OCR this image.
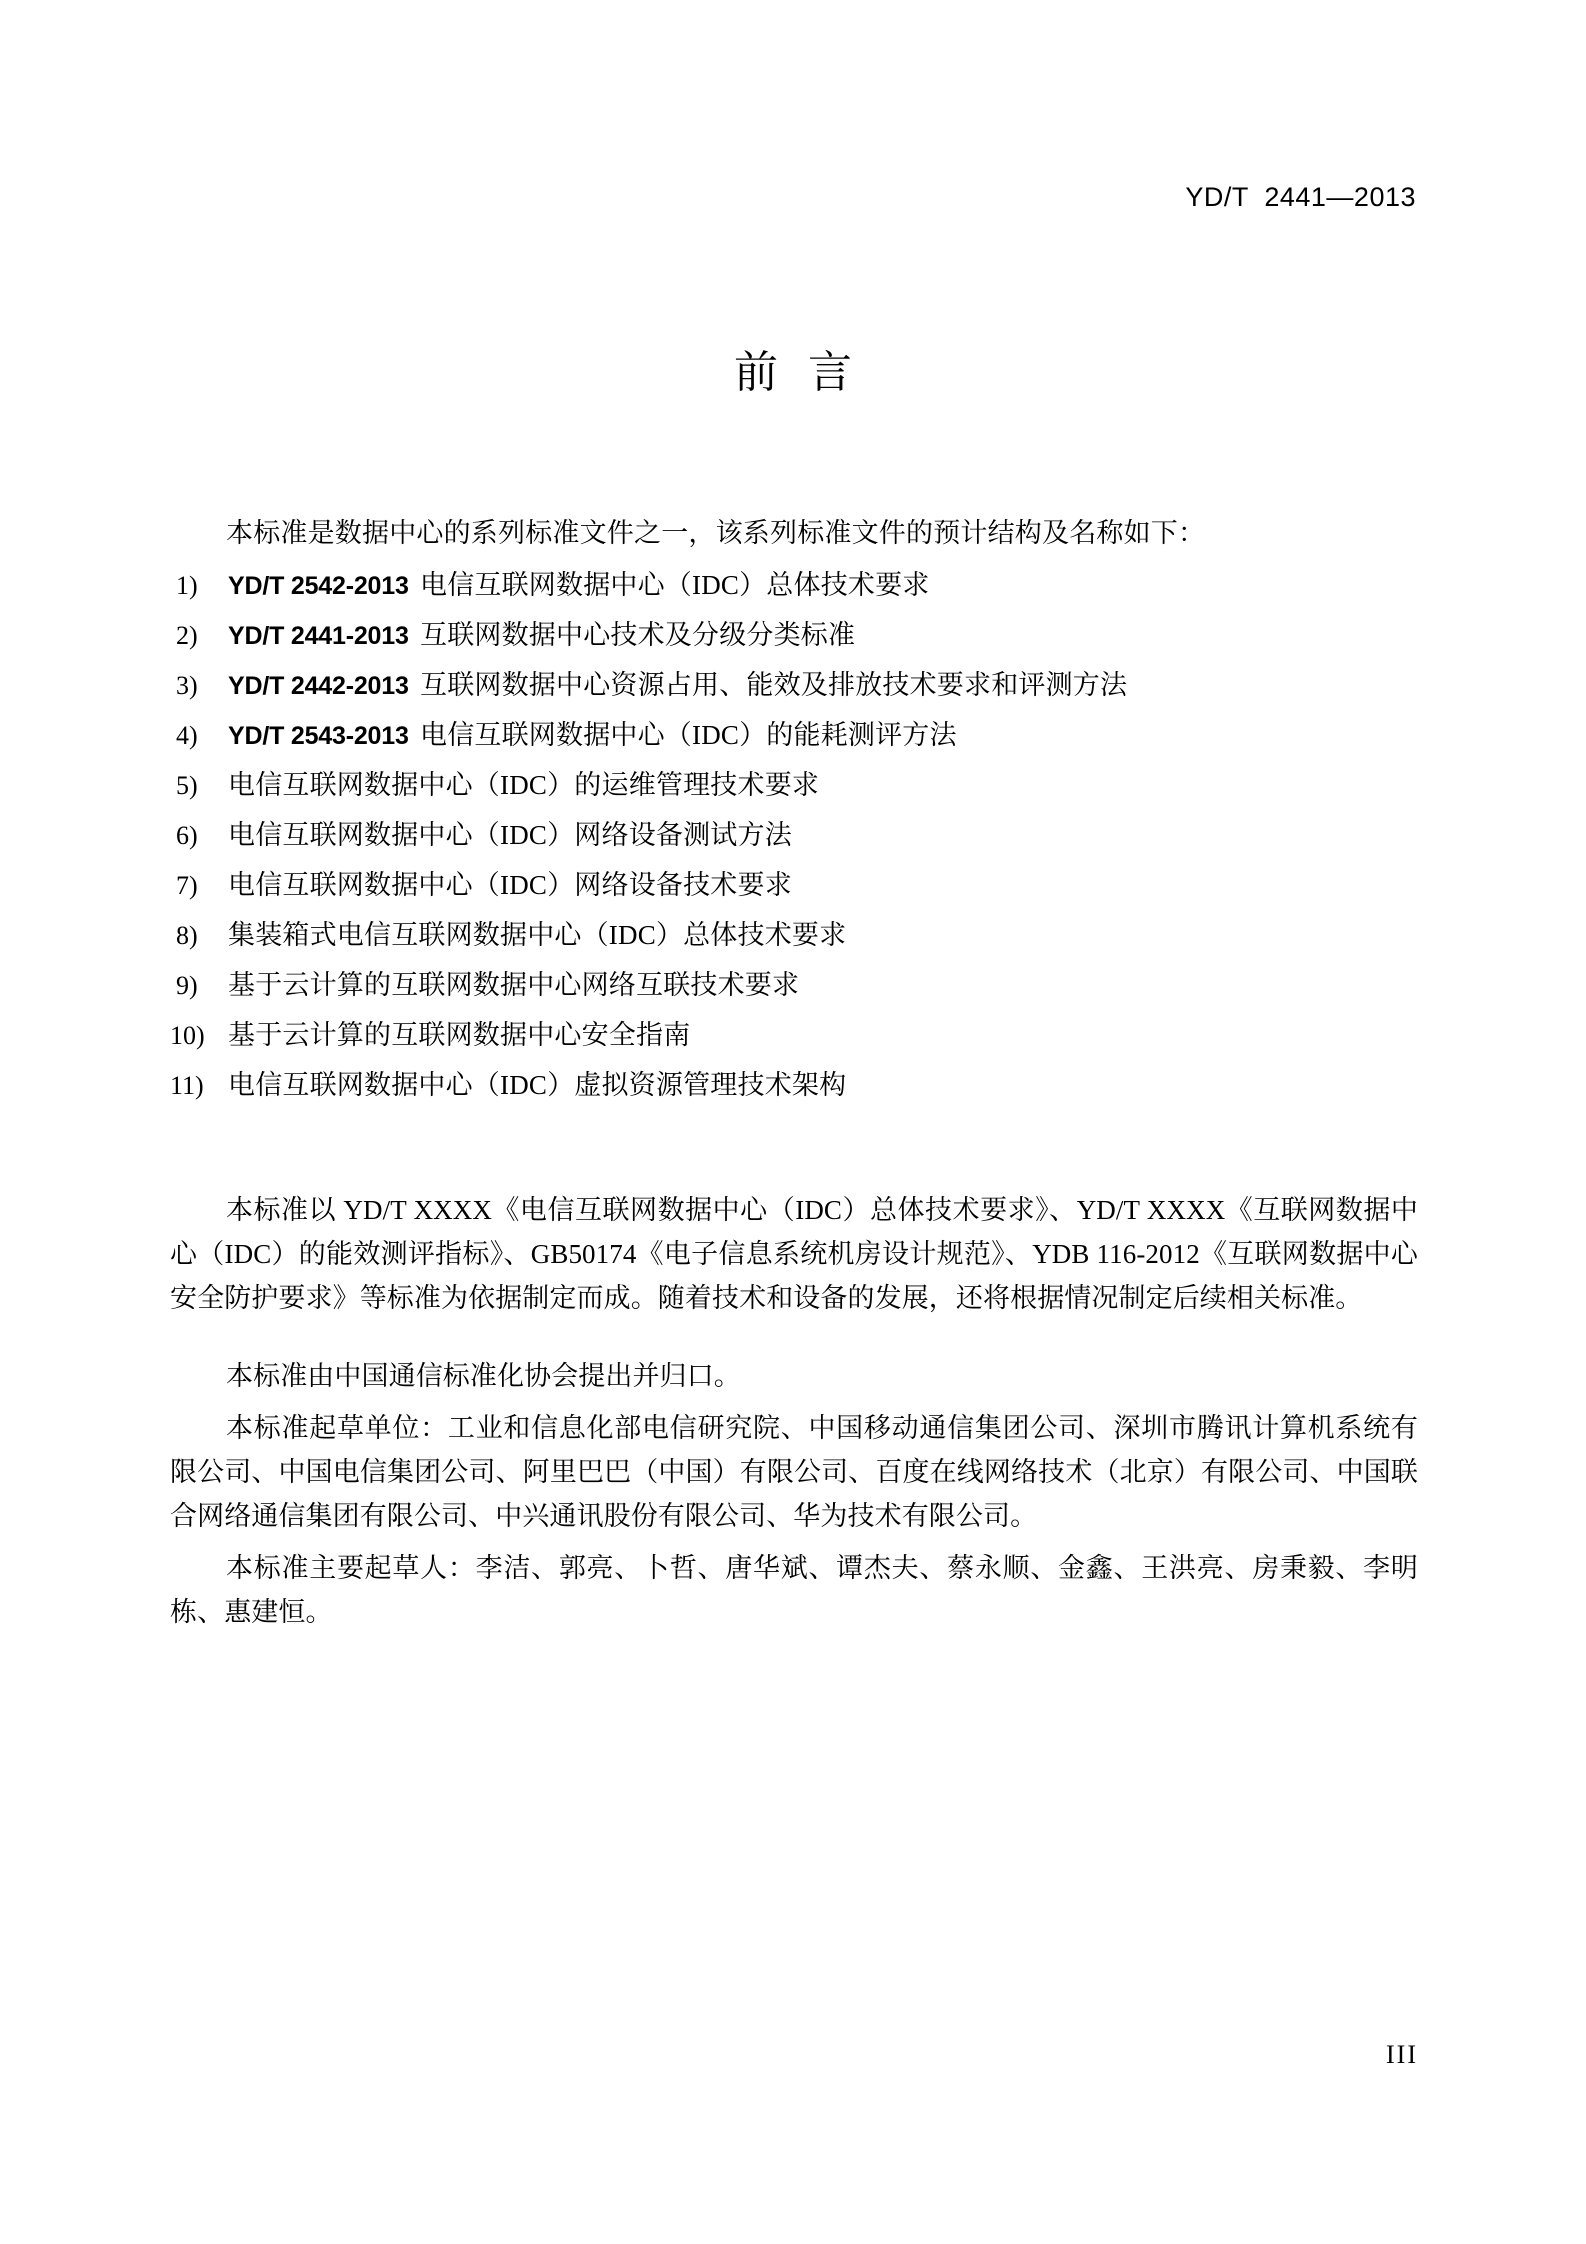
YD/T  2441—2013
前言

本标准是数据中心的系列标准文件之一，该系列标准文件的预计结构及名称如下：

1)	YD/T 2542-2013 电信互联网数据中心（IDC）总体技术要求
2)	YD/T 2441-2013 互联网数据中心技术及分级分类标准
3)	YD/T 2442-2013 互联网数据中心资源占用、能效及排放技术要求和评测方法
4)	YD/T 2543-2013 电信互联网数据中心（IDC）的能耗测评方法
5)	电信互联网数据中心（IDC）的运维管理技术要求
6)	电信互联网数据中心（IDC）网络设备测试方法
7)	电信互联网数据中心（IDC）网络设备技术要求
8)	集装箱式电信互联网数据中心（IDC）总体技术要求
9)	基于云计算的互联网数据中心网络互联技术要求
10) 基于云计算的互联网数据中心安全指南
11) 电信互联网数据中心（IDC）虚拟资源管理技术架构

本标准以 YD/T XXXX《电信互联网数据中心（IDC）总体技术要求》、YD/T XXXX《互联网数据中心（IDC）的能效测评指标》、GB50174《电子信息系统机房设计规范》、YDB 116-2012《互联网数据中心安全防护要求》等标准为依据制定而成。随着技术和设备的发展，还将根据情况制定后续相关标准。

本标准由中国通信标准化协会提出并归口。

本标准起草单位：工业和信息化部电信研究院、中国移动通信集团公司、深圳市腾讯计算机系统有限公司、中国电信集团公司、阿里巴巴（中国）有限公司、百度在线网络技术（北京）有限公司、中国联合网络通信集团有限公司、中兴通讯股份有限公司、华为技术有限公司。

本标准主要起草人：李洁、郭亮、卜哲、唐华斌、谭杰夫、蔡永顺、金鑫、王洪亮、房秉毅、李明栋、惠建恒。

III
